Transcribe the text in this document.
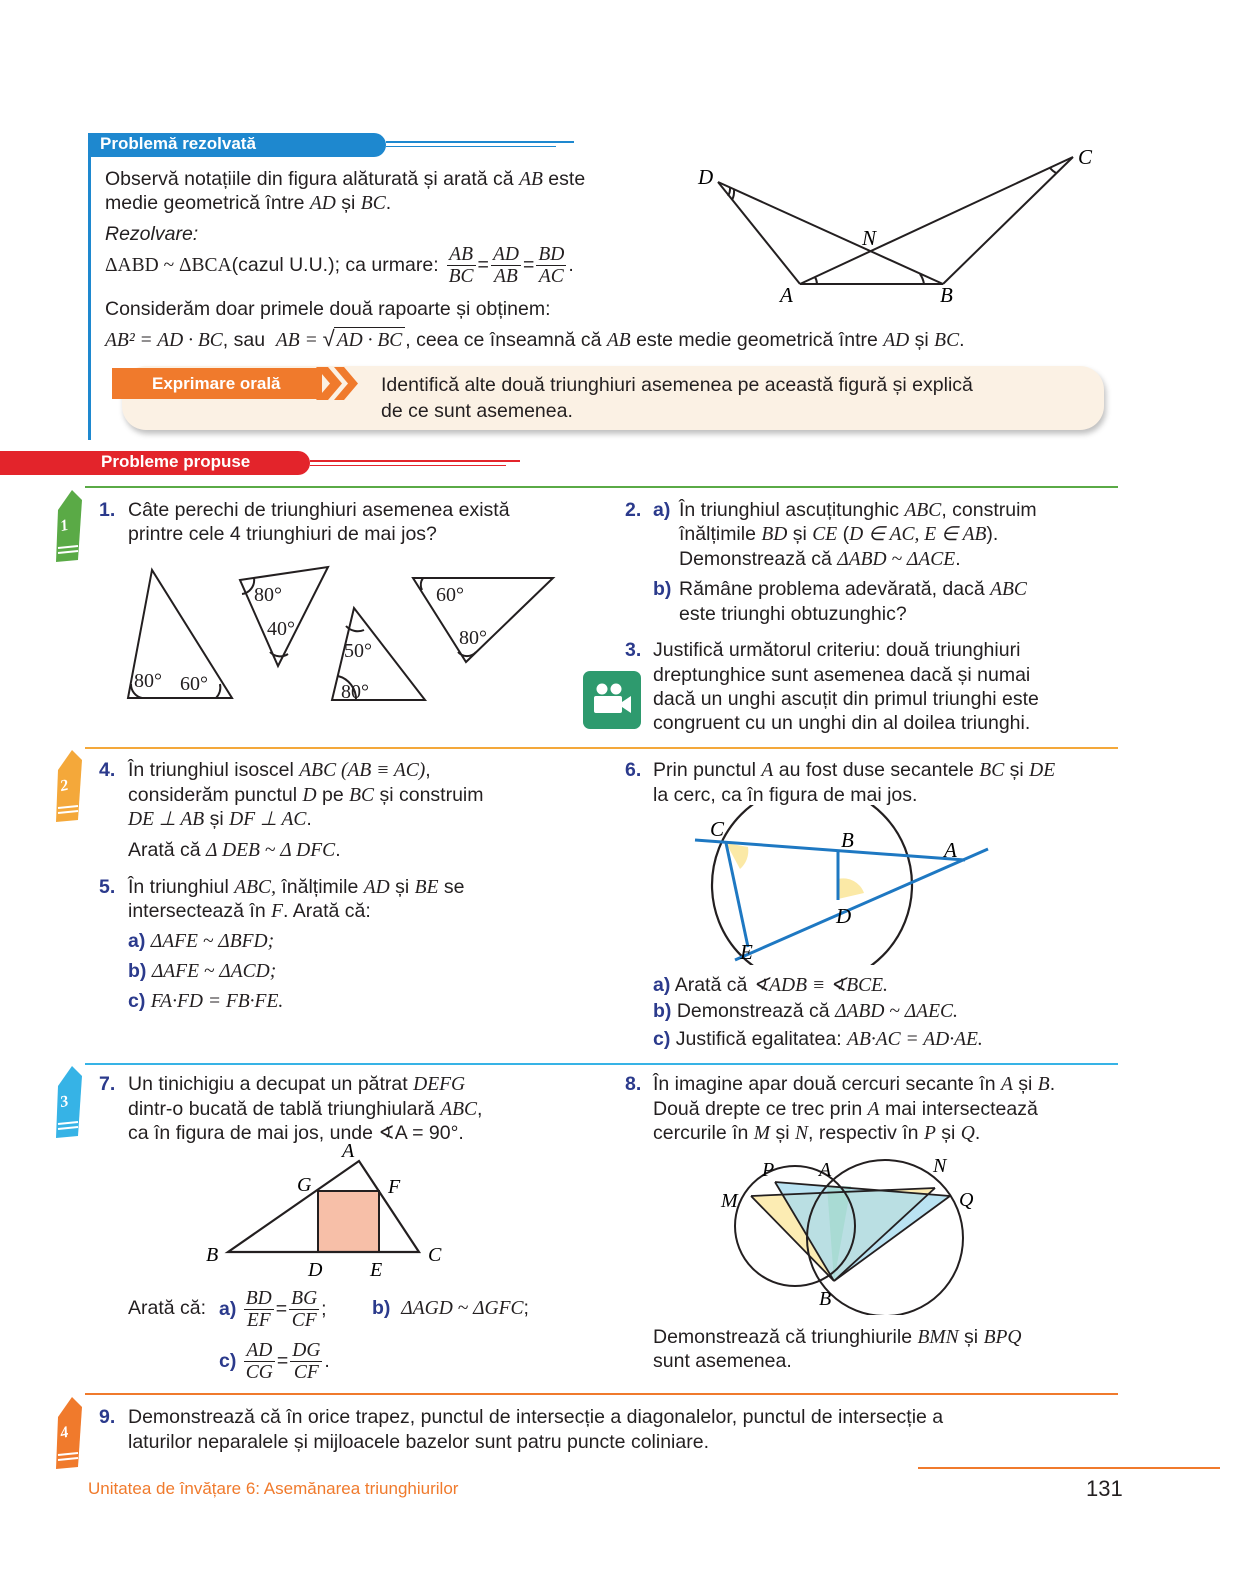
Problemă rezolvată
Observă notațiile din figura alăturată și arată că AB este
medie geometrică între AD și BC.
Rezolvare:
ΔABD ~ ΔBCA (cazul U.U.); ca urmare: $\frac{AB}{BC} = \frac{AD}{AB} = \frac{BD}{AC}$ .
Considerăm doar primele două rapoarte și obținem:
AB² = AD · BC, sau AB = √ AD · BC , ceea ce înseamnă că AB este medie geometrică între AD și BC.
D
C
N
A	B
Exprimare orală	Identifică alte două triunghiuri asemenea pe această figură și explică
de ce sunt asemenea.
Probleme propuse
1
2
3
4
1. Câte perechi de triunghiuri asemenea există
printre cele 4 triunghiuri de mai jos?
80° 60°
80°
40°
50°
80°
60°
80°
2. a) În triunghiul ascuțitunghic ABC, construim
înălțimile BD și CE (D ∈ AC, E ∈ AB).
Demonstrează că ΔABD ~ ΔACE.
b) Rămâne problema adevărată, dacă ABC
este triunghi obtuzunghic?
3. Justifică următorul criteriu: două triunghiuri
dreptunghice sunt asemenea dacă și numai
dacă un unghi ascuțit din primul triunghi este
congruent cu un unghi din al doilea triunghi.
4. În triunghiul isoscel ABC (AB ≡ AC),
considerăm punctul D pe BC și construim
DE ⊥ AB și DF ⊥ AC.
Arată că Δ DEB ~ Δ DFC.
5. În triunghiul ABC, înălțimile AD și BE se
intersectează în F. Arată că:
a) ΔAFE ~ ΔBFD;
b) ΔAFE ~ ΔACD;
c) FA·FD = FB·FE.
6. Prin punctul A au fost duse secantele BC și DE
la cerc, ca în figura de mai jos.
C	B	A
D
E
a) Arată că ∢ADB ≡ ∢BCE.
b) Demonstrează că ΔABD ~ ΔAEC.
c) Justifică egalitatea: AB·AC = AD·AE.
7. Un tinichigiu a decupat un pătrat DEFG
dintr-o bucată de tablă triunghiulară ABC,
ca în figura de mai jos, unde ∢A = 90°.
A
G	F
B	C
D E
Arată că: a)
$\frac{BD}{EF} = \frac{BG}{CF}$ ; b) ΔAGD ~ ΔGFC;
c)
$\frac{AD}{CG} = \frac{DG}{CF}$ .
8. În imagine apar două cercuri secante în A și B.
Două drepte ce trec prin A mai intersectează
cercurile în M și N, respectiv în P și Q.
P A	N
M	Q
B
Demonstrează că triunghiurile BMN și BPQ
sunt asemenea.
9. Demonstrează că în orice trapez, punctul de intersecție a diagonalelor, punctul de intersecție a
laturilor neparalele și mijloacele bazelor sunt patru puncte coliniare.
Unitatea de învățare 6: Asemănarea triunghiurilor	131
